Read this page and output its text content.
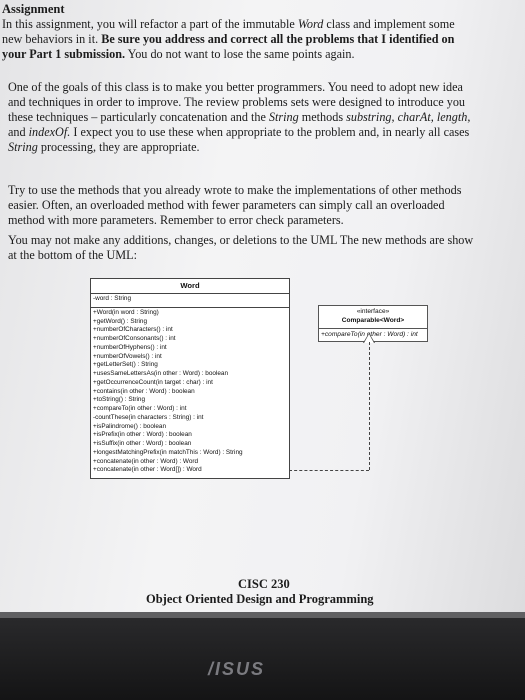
Assignment
In this assignment, you will refactor a part of the immutable Word class and implement some
new behaviors in it. Be sure you address and correct all the problems that I identified on
your Part 1 submission. You do not want to lose the same points again.
One of the goals of this class is to make you better programmers. You need to adopt new idea
and techniques in order to improve. The review problems sets were designed to introduce you
these techniques – particularly concatenation and the String methods substring, charAt, length,
and indexOf. I expect you to use these when appropriate to the problem and, in nearly all cases
String processing, they are appropriate.
Try to use the methods that you already wrote to make the implementations of other methods
easier. Often, an overloaded method with fewer parameters can simply call an overloaded
method with more parameters. Remember to error check parameters.
You may not make any additions, changes, or deletions to the UML The new methods are show
at the bottom of the UML:
Word
-word : String
+Word(in word : String)
+getWord() : String
+numberOfCharacters() : int
+numberOfConsonants() : int
+numberOfHyphens() : int
+numberOfVowels() : int
+getLetterSet() : String
+usesSameLettersAs(in other : Word) : boolean
+getOccurrenceCount(in target : char) : int
+contains(in other : Word) : boolean
+toString() : String
+compareTo(in other : Word) : int
-countThese(in characters : String) : int
+isPalindrome() : boolean
+isPrefix(in other : Word) : boolean
+isSuffix(in other : Word) : boolean
+longestMatchingPrefix(in matchThis : Word) : String
+concatenate(in other : Word) : Word
+concatenate(in other : Word[]) : Word
«interface»
Comparable<Word>
+compareTo(in other : Word) : int
CISC 230
Object Oriented Design and Programming
/ISUS
